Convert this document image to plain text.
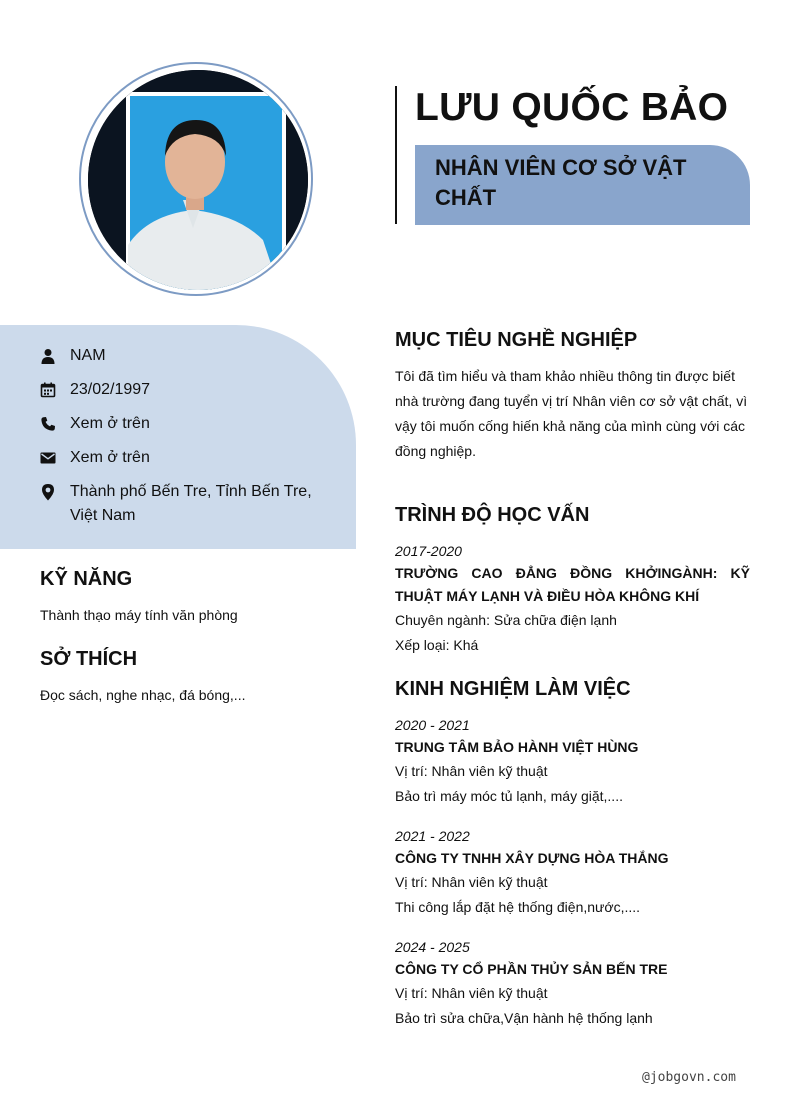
LƯU QUỐC BẢO
NHÂN VIÊN CƠ SỞ VẬT CHẤT
NAM
23/02/1997
Xem ở trên
Xem ở trên
Thành phố Bến Tre, Tỉnh Bến Tre, Việt Nam
KỸ NĂNG
Thành thạo máy tính văn phòng
SỞ THÍCH
Đọc sách, nghe nhạc, đá bóng,...
MỤC TIÊU NGHỀ NGHIỆP
Tôi đã tìm hiểu và tham khảo nhiều thông tin được biết nhà trường đang tuyển vị trí Nhân viên cơ sở vật chất, vì vậy tôi muốn cống hiến khả năng của mình cùng với các đồng nghiệp.
TRÌNH ĐỘ HỌC VẤN
2017-2020
TRƯỜNG CAO ĐẲNG ĐỒNG KHỞINGÀNH: KỸ THUẬT MÁY LẠNH VÀ ĐIỀU HÒA KHÔNG KHÍ
Chuyên ngành: Sửa chữa điện lạnh
Xếp loại: Khá
KINH NGHIỆM LÀM VIỆC
2020 - 2021
TRUNG TÂM BẢO HÀNH VIỆT HÙNG
Vị trí: Nhân viên kỹ thuật
Bảo trì máy móc tủ lạnh, máy giặt,....
2021 - 2022
CÔNG TY TNHH XÂY DỰNG HÒA THẮNG
Vị trí: Nhân viên kỹ thuật
Thi công lắp đặt hệ thống điện,nước,....
2024 - 2025
CÔNG TY CỔ PHẦN THỦY SẢN BẾN TRE
Vị trí: Nhân viên kỹ thuật
Bảo trì sửa chữa,Vận hành hệ thống lạnh
@jobgovn.com
